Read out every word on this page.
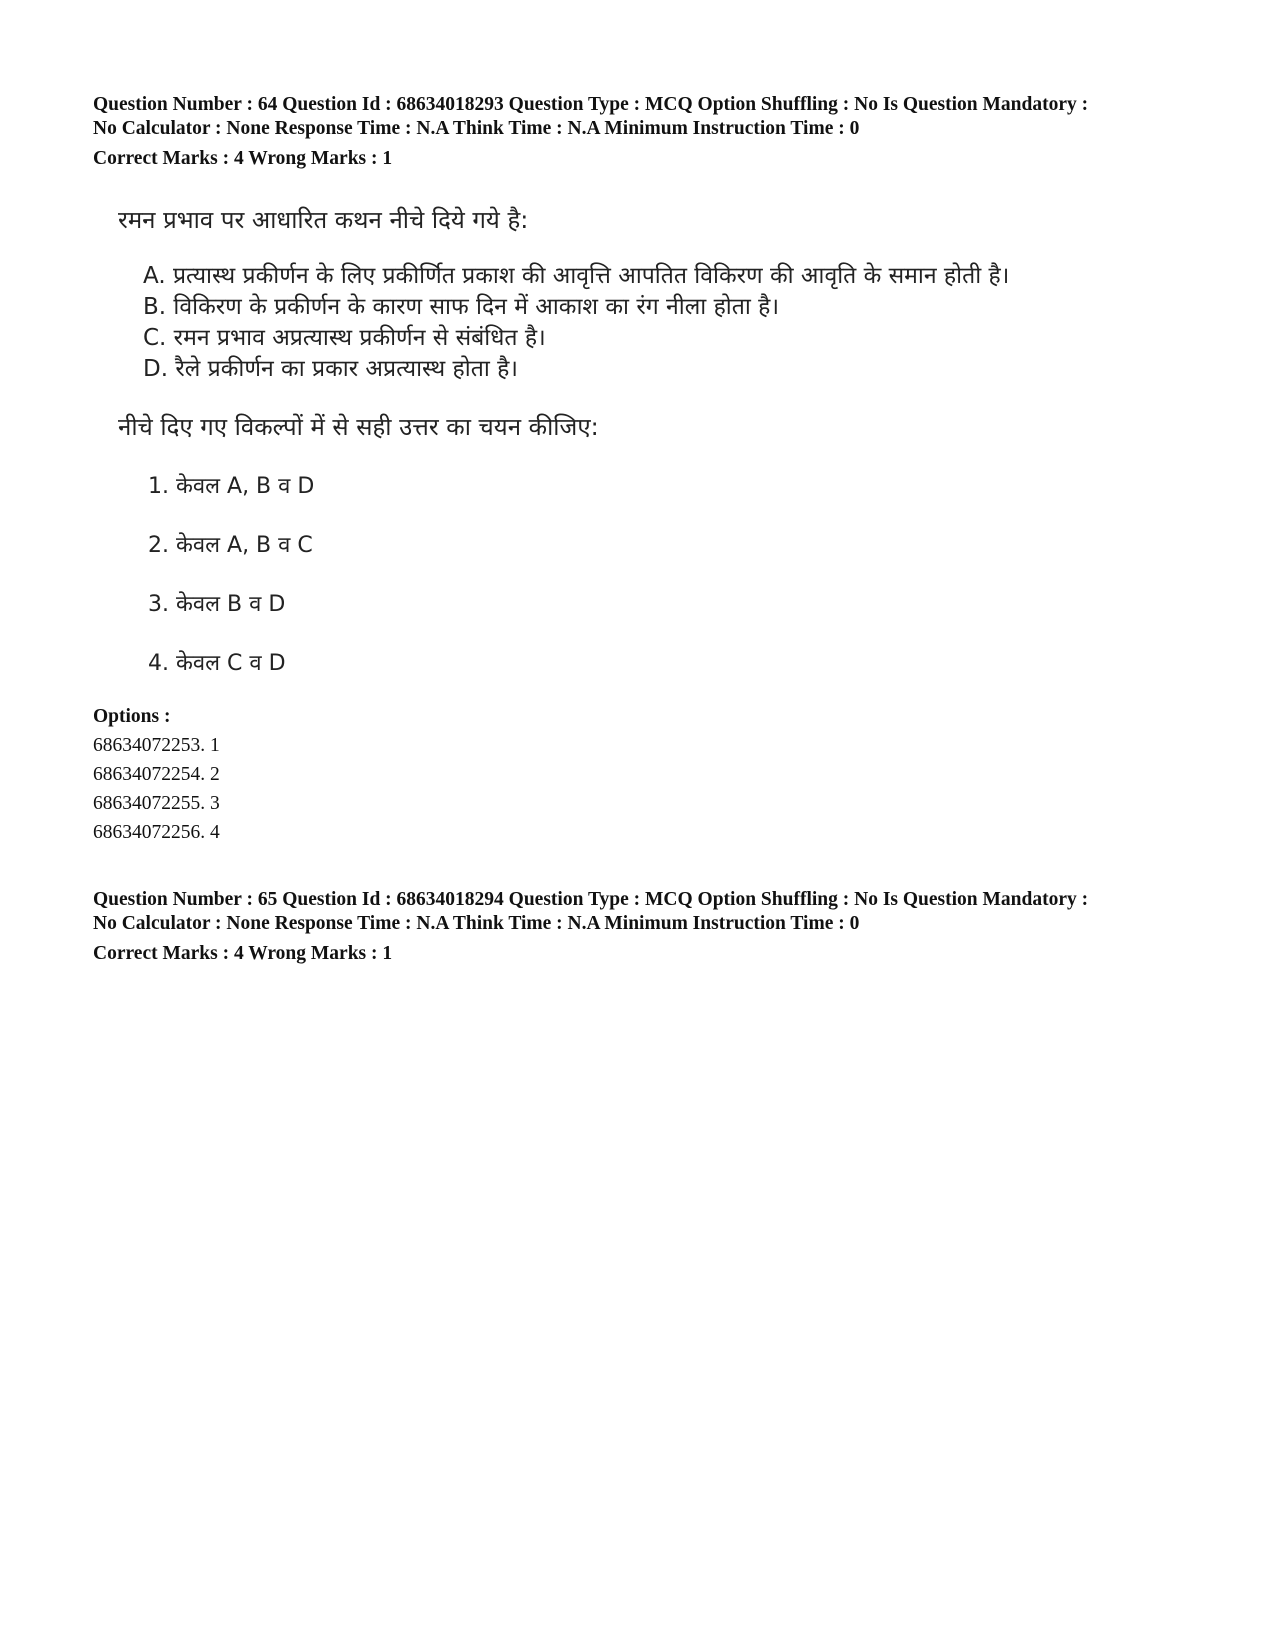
Question Number : 64 Question Id : 68634018293 Question Type : MCQ Option Shuffling : No Is Question Mandatory :
No Calculator : None Response Time : N.A Think Time : N.A Minimum Instruction Time : 0
Correct Marks : 4 Wrong Marks : 1
रमन प्रभाव पर आधारित कथन नीचे दिये गये है:
A. प्रत्यास्थ प्रकीर्णन के लिए प्रकीर्णित प्रकाश की आवृत्ति आपतित विकिरण की आवृति के समान होती है।
B. विकिरण के प्रकीर्णन के कारण साफ दिन में आकाश का रंग नीला होता है।
C. रमन प्रभाव अप्रत्यास्थ प्रकीर्णन से संबंधित है।
D. रैले प्रकीर्णन का प्रकार अप्रत्यास्थ होता है।
नीचे दिए गए विकल्पों में से सही उत्तर का चयन कीजिए:
1. केवल A, B व D
2. केवल A, B व C
3. केवल B व D
4. केवल C व D
Options :
68634072253. 1
68634072254. 2
68634072255. 3
68634072256. 4
Question Number : 65 Question Id : 68634018294 Question Type : MCQ Option Shuffling : No Is Question Mandatory :
No Calculator : None Response Time : N.A Think Time : N.A Minimum Instruction Time : 0
Correct Marks : 4 Wrong Marks : 1
